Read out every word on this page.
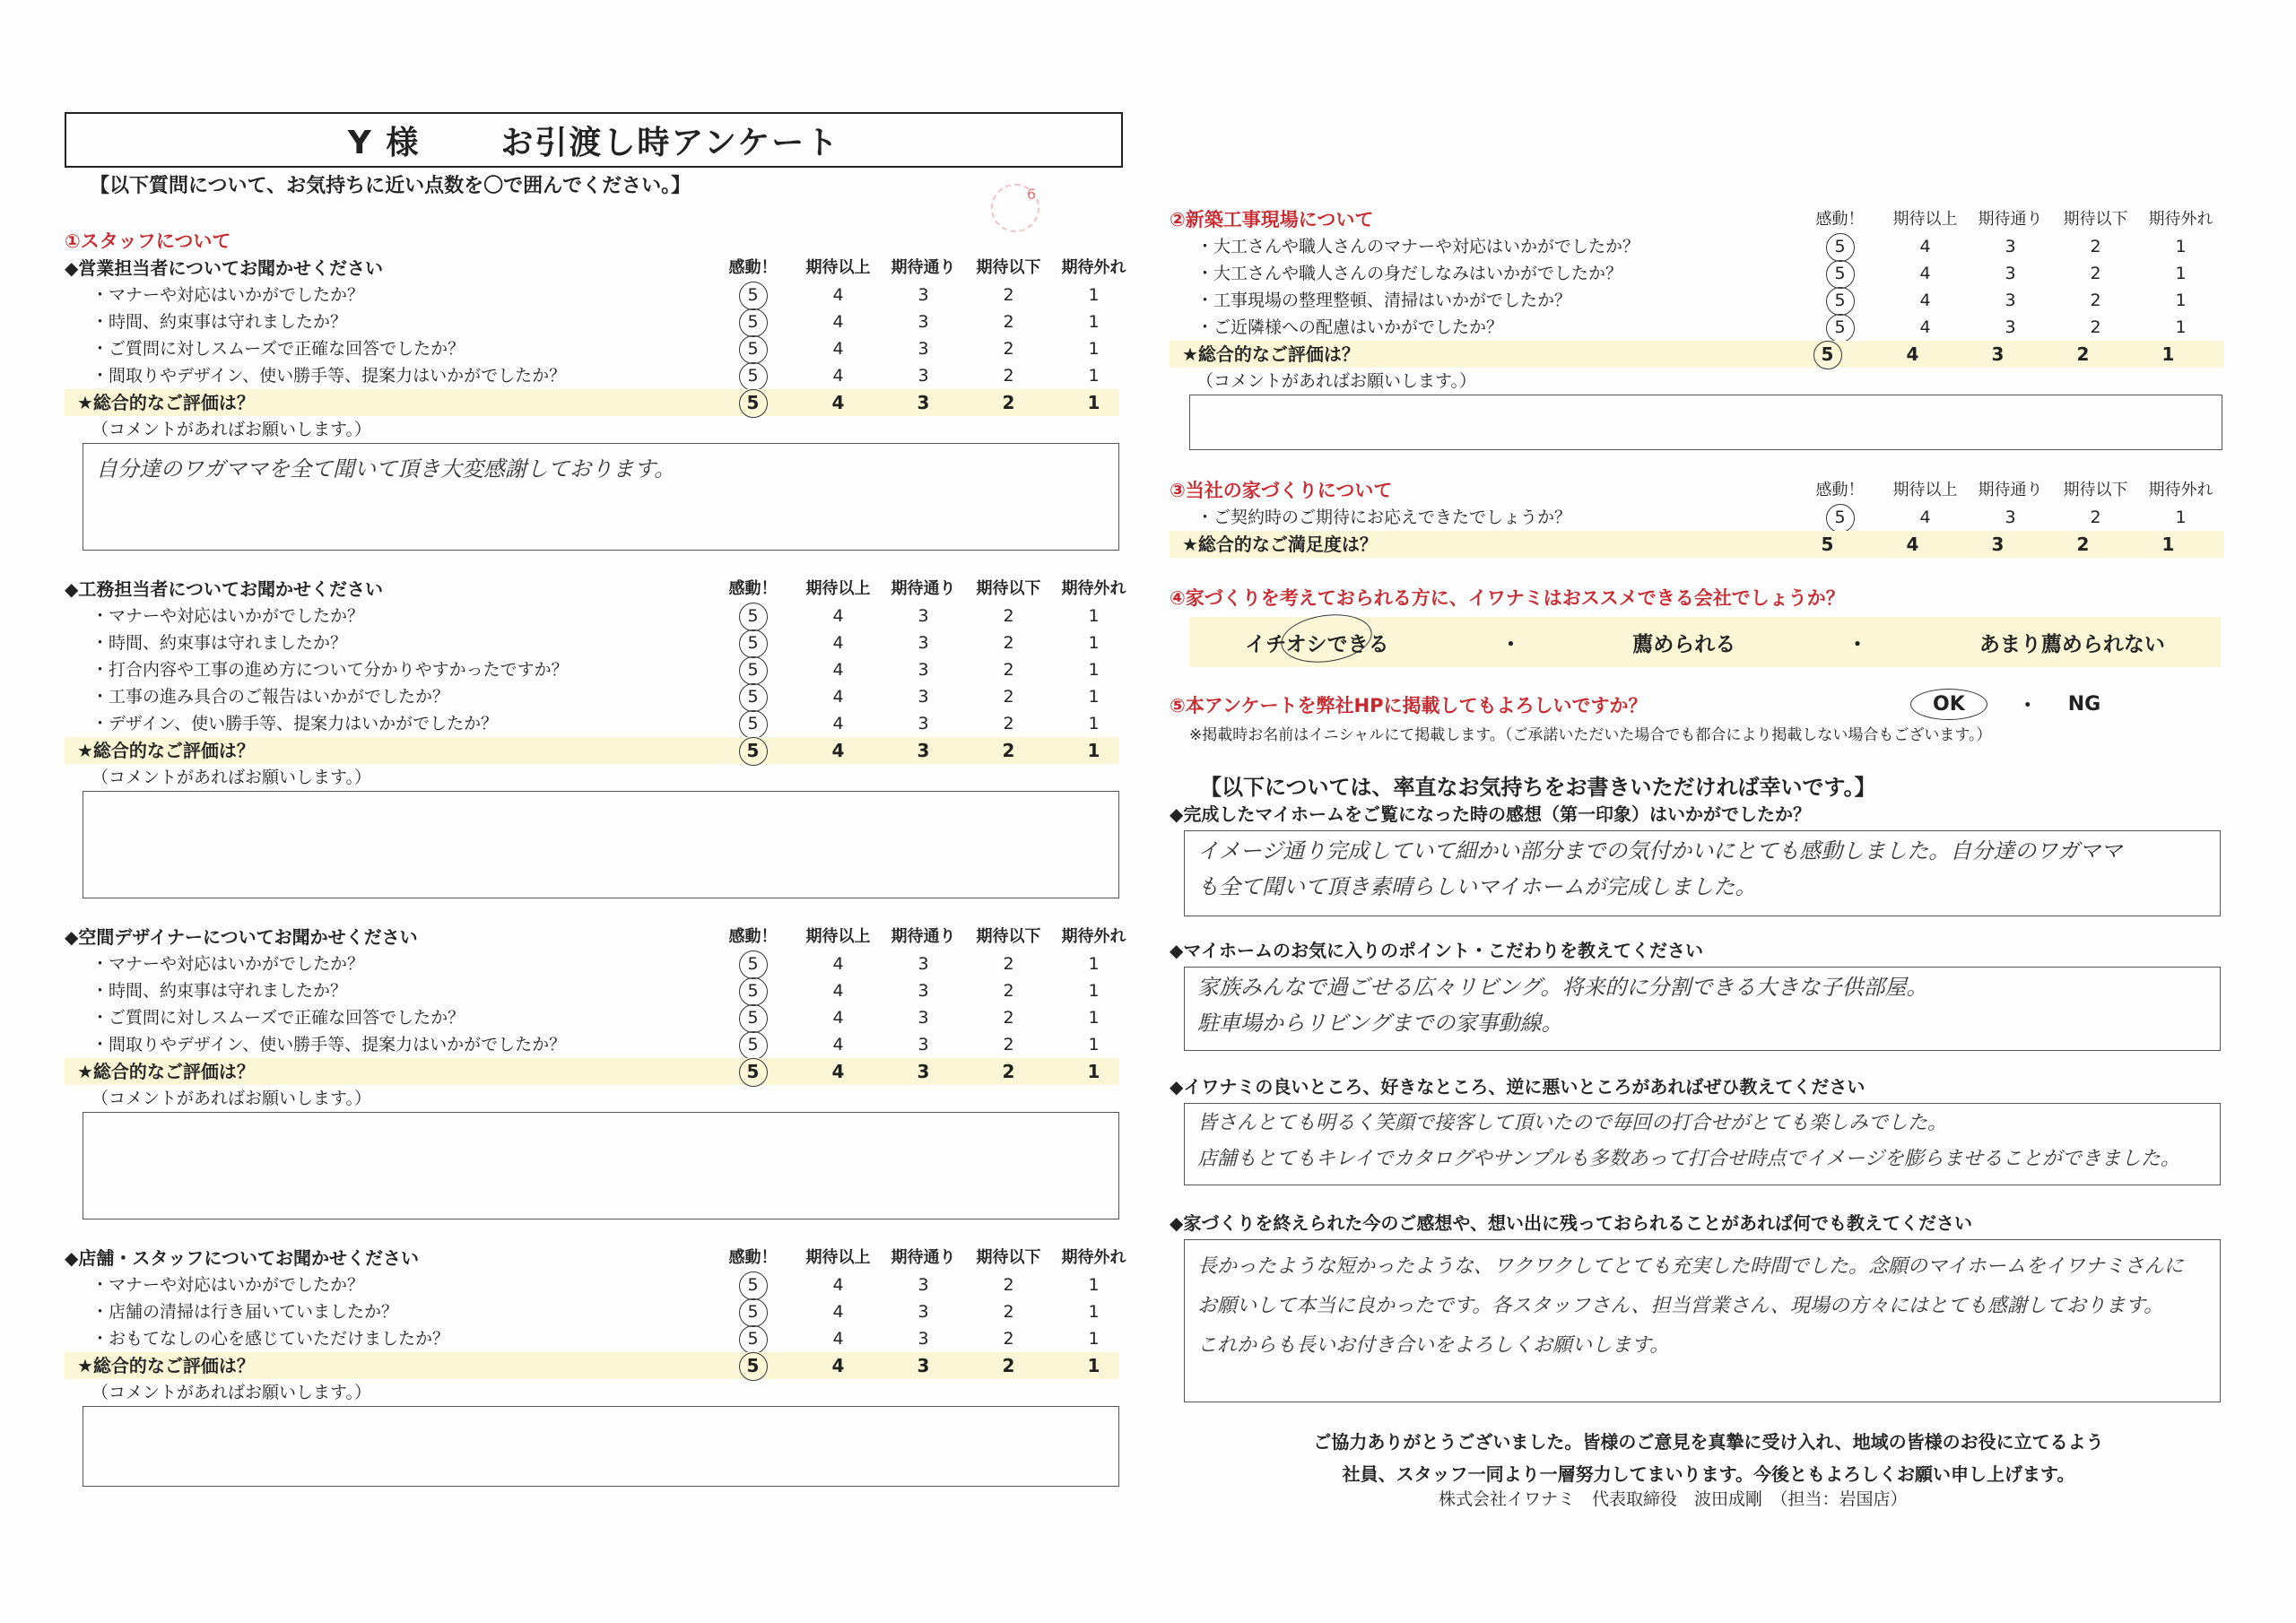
Y 様	お引渡し時アンケート
【以下質問について、お気持ちに近い点数を〇で囲んでください。】	6
①スタッフについて
◆営業担当者についてお聞かせください	感動！	期待以上	期待通り	期待以下	期待外れ
・マナーや対応はいかがでしたか？	5	4	3	2	1
・時間、約束事は守れましたか？	5	4	3	2	1
・ご質問に対しスムーズで正確な回答でしたか？	5	4	3	2	1
・間取りやデザイン、使い勝手等、提案力はいかがでしたか？	5	4	3	2	1
★総合的なご評価は？	5	4	3	2	1
（コメントがあればお願いします。）
自分達のワガママを全て聞いて頂き大変感謝しております。
◆工務担当者についてお聞かせください	感動！	期待以上	期待通り	期待以下	期待外れ
・マナーや対応はいかがでしたか？	5	4	3	2	1
・時間、約束事は守れましたか？	5	4	3	2	1
・打合内容や工事の進め方について分かりやすかったですか？	5	4	3	2	1
・工事の進み具合のご報告はいかがでしたか？	5	4	3	2	1
・デザイン、使い勝手等、提案力はいかがでしたか？	5	4	3	2	1
★総合的なご評価は？	5	4	3	2	1
（コメントがあればお願いします。）
◆空間デザイナーについてお聞かせください	感動！	期待以上	期待通り	期待以下	期待外れ
・マナーや対応はいかがでしたか？	5	4	3	2	1
・時間、約束事は守れましたか？	5	4	3	2	1
・ご質問に対しスムーズで正確な回答でしたか？	5	4	3	2	1
・間取りやデザイン、使い勝手等、提案力はいかがでしたか？	5	4	3	2	1
★総合的なご評価は？	5	4	3	2	1
（コメントがあればお願いします。）
◆店舗・スタッフについてお聞かせください	感動！	期待以上	期待通り	期待以下	期待外れ
・マナーや対応はいかがでしたか？	5	4	3	2	1
・店舗の清掃は行き届いていましたか？	5	4	3	2	1
・おもてなしの心を感じていただけましたか？	5	4	3	2	1
★総合的なご評価は？	5	4	3	2	1
（コメントがあればお願いします。）
②新築工事現場について	感動！	期待以上	期待通り	期待以下	期待外れ
・大工さんや職人さんのマナーや対応はいかがでしたか？	5	4	3	2	1
・大工さんや職人さんの身だしなみはいかがでしたか？	5	4	3	2	1
・工事現場の整理整頓、清掃はいかがでしたか？	5	4	3	2	1
・ご近隣様への配慮はいかがでしたか？	5	4	3	2	1
★総合的なご評価は？	5	4	3	2	1
（コメントがあればお願いします。）
③当社の家づくりについて	感動！	期待以上	期待通り	期待以下	期待外れ
・ご契約時のご期待にお応えできたでしょうか？	5	4	3	2	1
★総合的なご満足度は？	5	4	3	2	1
④家づくりを考えておられる方に、イワナミはおススメできる会社でしょうか？
イチオシできる	・	薦められる	・	あまり薦められない
⑤本アンケートを弊社HPに掲載してもよろしいですか？	OK	・ NG
※掲載時お名前はイニシャルにて掲載します。（ご承諾いただいた場合でも都合により掲載しない場合もございます。）
【以下については、率直なお気持ちをお書きいただければ幸いです。】
◆完成したマイホームをご覧になった時の感想（第一印象）はいかがでしたか？
イメージ通り完成していて細かい部分までの気付かいにとても感動しました。自分達のワガママ
も全て聞いて頂き素晴らしいマイホームが完成しました。
◆マイホームのお気に入りのポイント・こだわりを教えてください
家族みんなで過ごせる広々リビング。将来的に分割できる大きな子供部屋。
駐車場からリビングまでの家事動線。
◆イワナミの良いところ、好きなところ、逆に悪いところがあればぜひ教えてください
皆さんとても明るく笑顔で接客して頂いたので毎回の打合せがとても楽しみでした。
店舗もとてもキレイでカタログやサンプルも多数あって打合せ時点でイメージを膨らませることができました。
◆家づくりを終えられた今のご感想や、想い出に残っておられることがあれば何でも教えてください
長かったような短かったような、ワクワクしてとても充実した時間でした。念願のマイホームをイワナミさんに
お願いして本当に良かったです。各スタッフさん、担当営業さん、現場の方々にはとても感謝しております。
これからも長いお付き合いをよろしくお願いします。
ご協力ありがとうございました。皆様のご意見を真摯に受け入れ、地域の皆様のお役に立てるよう
社員、スタッフ一同より一層努力してまいります。今後ともよろしくお願い申し上げます。
株式会社イワナミ　代表取締役　波田成剛　（担当：岩国店）
